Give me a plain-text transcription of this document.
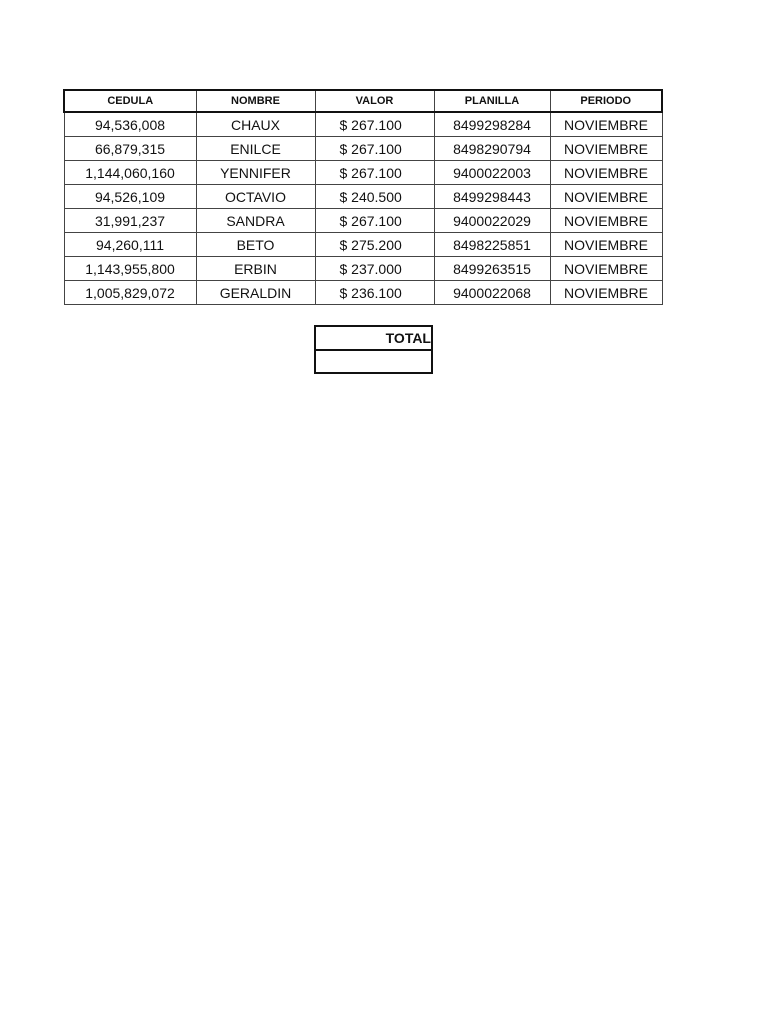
CEDULA	NOMBRE	VALOR	PLANILLA	PERIODO
94,536,008	CHAUX	$ 267.100	8499298284	NOVIEMBRE
66,879,315	ENILCE	$ 267.100	8498290794	NOVIEMBRE
1,144,060,160	YENNIFER	$ 267.100	9400022003	NOVIEMBRE
94,526,109	OCTAVIO	$ 240.500	8499298443	NOVIEMBRE
31,991,237	SANDRA	$ 267.100	9400022029	NOVIEMBRE
94,260,111	BETO	$ 275.200	8498225851	NOVIEMBRE
1,143,955,800	ERBIN	$ 237.000	8499263515	NOVIEMBRE
1,005,829,072	GERALDIN	$ 236.100	9400022068	NOVIEMBRE
TOTAL
